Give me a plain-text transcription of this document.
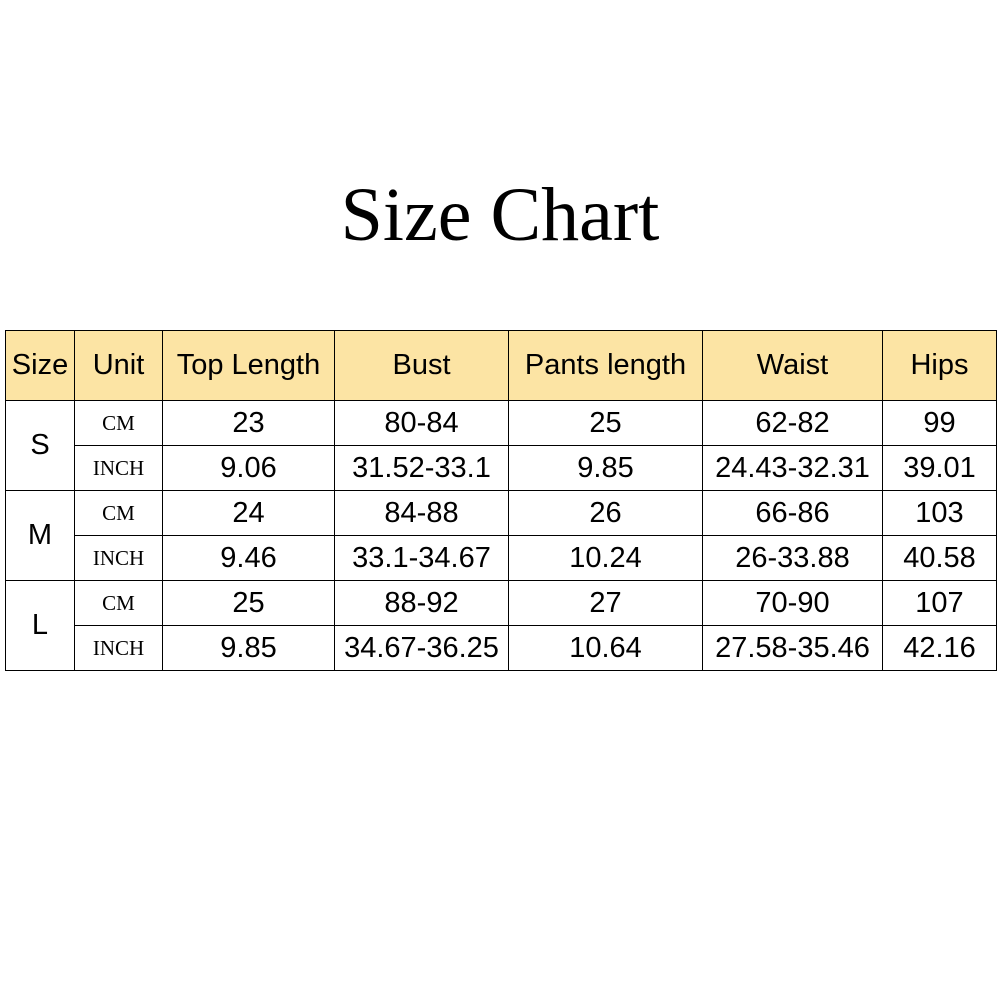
Size Chart
Size	Unit	Top Length	Bust	Pants length	Waist	Hips
S	CM	23	80-84	25	62-82	99
	INCH	9.06	31.52-33.1	9.85	24.43-32.31	39.01
M	CM	24	84-88	26	66-86	103
	INCH	9.46	33.1-34.67	10.24	26-33.88	40.58
L	CM	25	88-92	27	70-90	107
	INCH	9.85	34.67-36.25	10.64	27.58-35.46	42.16
